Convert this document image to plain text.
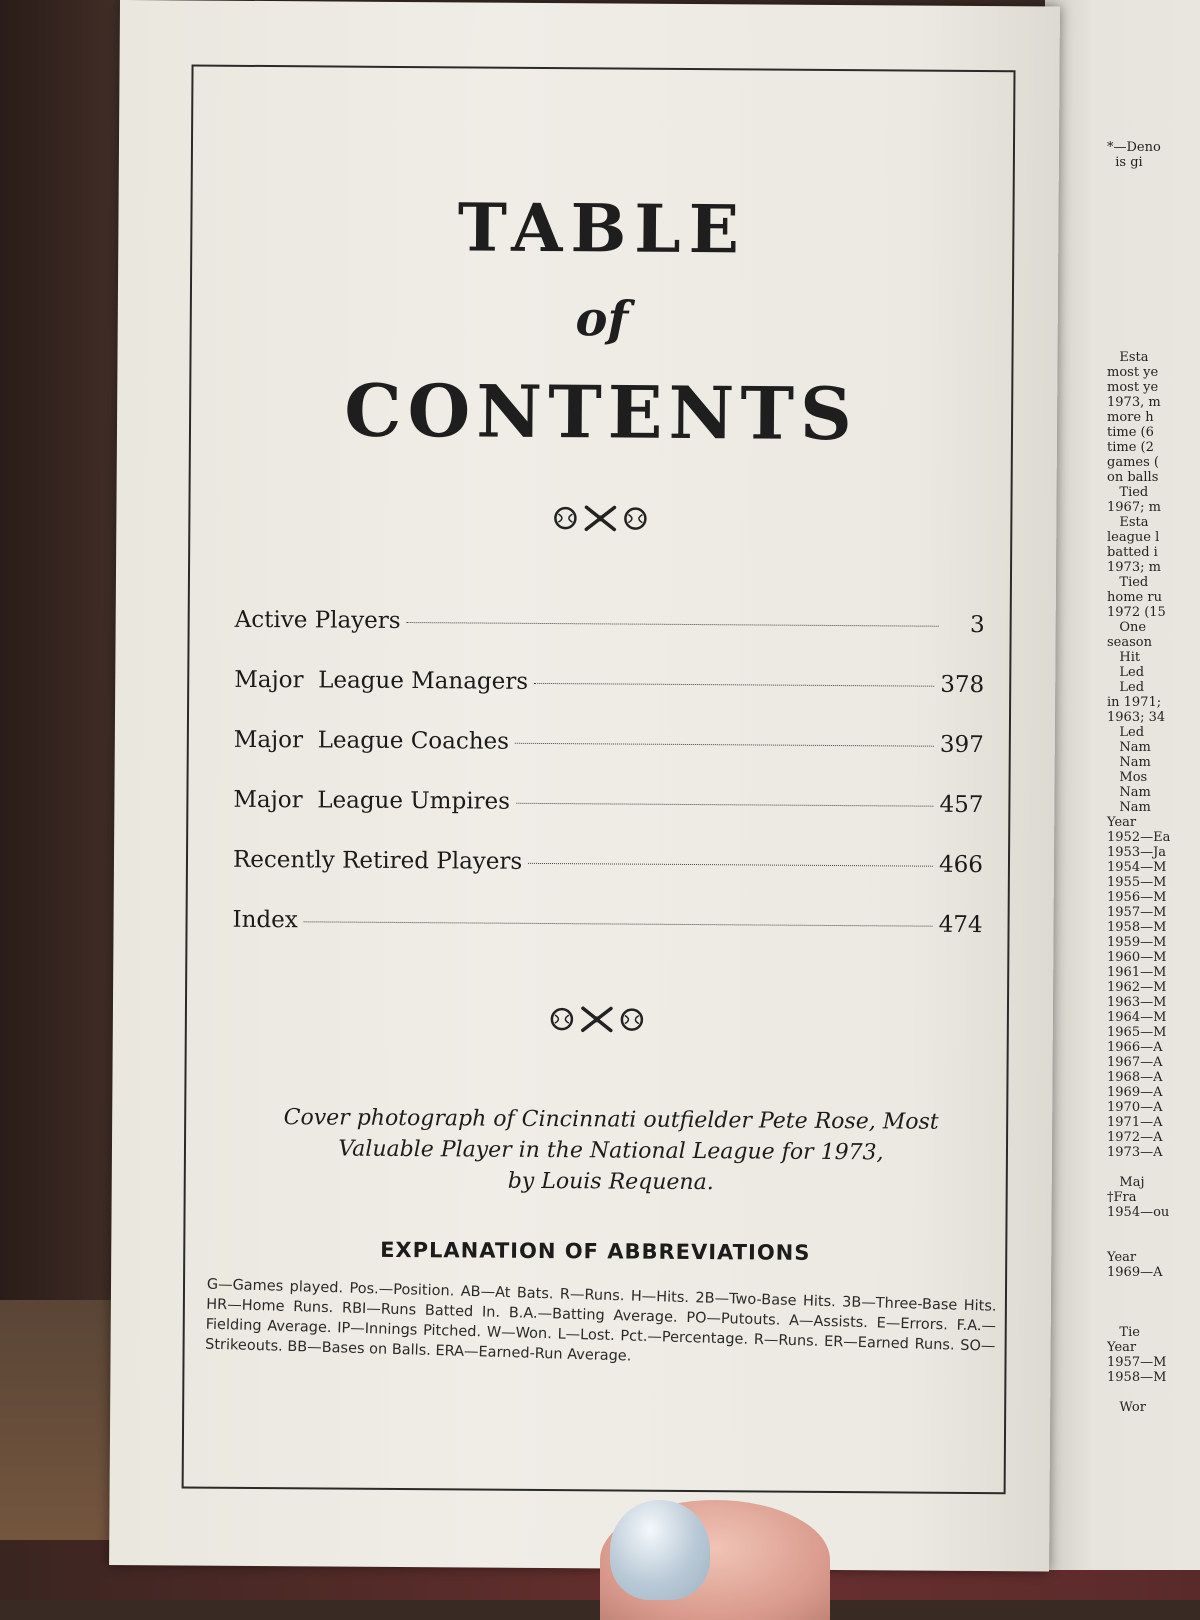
*—Deno
is gi

Esta
most ye
most ye
1973, m
more h
time (6
time (2
games (
on balls
Tied
1967; m
Esta
league l
batted i
1973; m
Tied
home ru
1972 (15
One
season
Hit
Led
Led
in 1971;
1963; 34
Led
Nam
Nam
Mos
Nam
Nam
Year
1952—Ea
1953—Ja
1954—M
1955—M
1956—M
1957—M
1958—M
1959—M
1960—M
1961—M
1962—M
1963—M
1964—M
1965—M
1966—A
1967—A
1968—A
1969—A
1970—A
1971—A
1972—A
1973—A

Maj
†Fra
1954—ou

Year
1969—A

Tie
Year
1957—M
1958—M

Wor

TABLE
of
CONTENTS
Active Players	3
Major  League Managers	378
Major  League Coaches	397
Major  League Umpires	457
Recently Retired Players	466
Index	474
Cover photograph of Cincinnati outfielder Pete Rose, Most
Valuable Player in the National League for 1973,
by Louis Requena.
EXPLANATION OF ABBREVIATIONS
G—Games played. Pos.—Position. AB—At Bats. R—Runs. H—Hits. 2B—Two-Base Hits. 3B—Three-Base Hits. HR—Home Runs. RBI—Runs Batted In. B.A.—Batting Average. PO—Putouts. A—Assists. E—Errors. F.A.—Fielding Average. IP—Innings Pitched. W—Won. L—Lost. Pct.—Percentage. R—Runs. ER—Earned Runs. SO—Strikeouts. BB—Bases on Balls. ERA—Earned-Run Average.
